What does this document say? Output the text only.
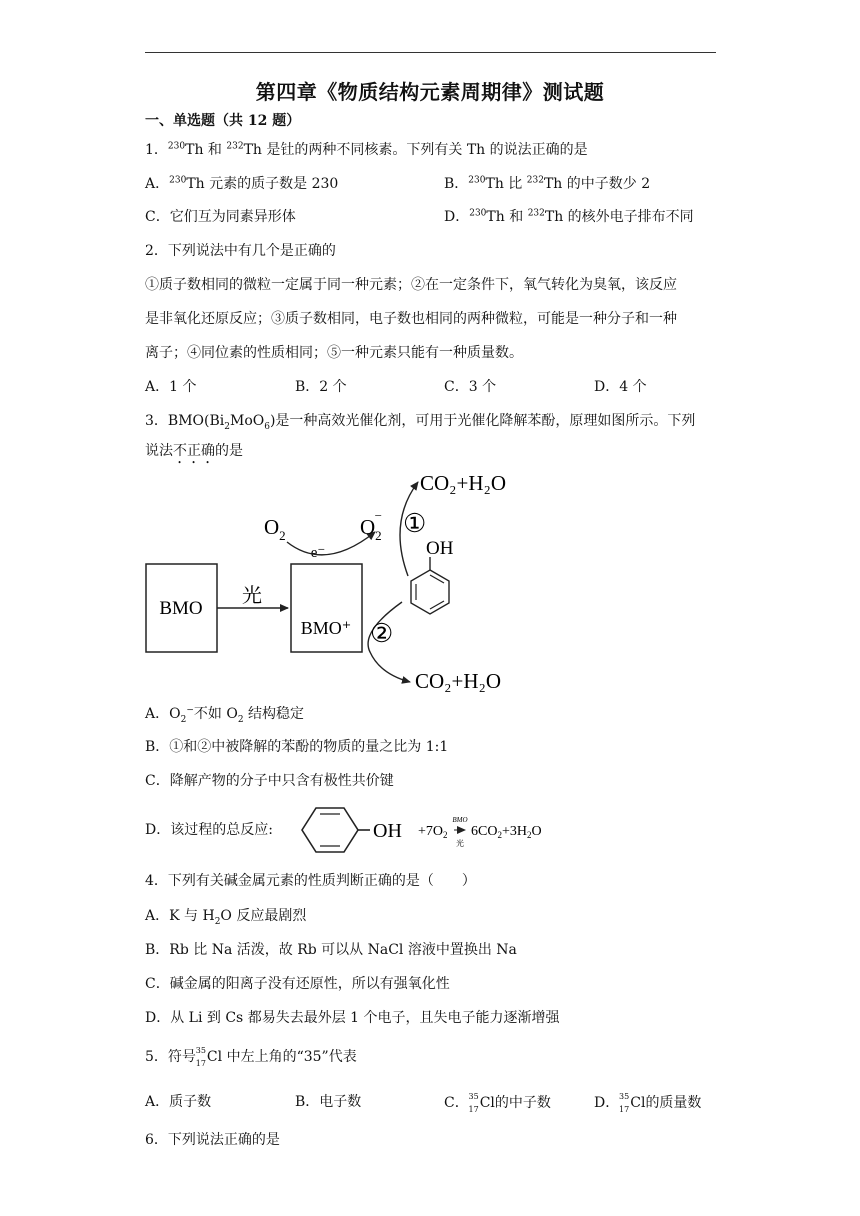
第四章《物质结构元素周期律》测试题
一、单选题（共 12 题）
1．$^{230}$Th 和 $^{232}$Th 是钍的两种不同核素。下列有关 Th 的说法正确的是
A．$^{230}$Th 元素的质子数是 230	B．$^{230}$Th 比 $^{232}$Th 的中子数少 2
C．它们互为同素异形体	D．$^{230}$Th 和 $^{232}$Th 的核外电子排布不同
2．下列说法中有几个是正确的
①质子数相同的微粒一定属于同一种元素；②在一定条件下，氧气转化为臭氧，该反应
是非氧化还原反应；③质子数相同，电子数也相同的两种微粒，可能是一种分子和一种
离子；④同位素的性质相同；⑤一种元素只能有一种质量数。
A．1 个	B．2 个	C．3 个	D．4 个
3．$BMO(Bi_2MoO_6)$是一种高效光催化剂，可用于光催化降解苯酚，原理如图所示。下列
说法不正确的是
BMO
光
e⁻
BMO⁺
$O_2$	$O_2-$ ①
CO₂+H₂O
②
CO₂+H₂O
OH
A．$O_2^-$不如 $O_2$ 结构稳定
B．①和②中被降解的苯酚的物质的量之比为 1:1
C．降解产物的分子中只含有极性共价键
D．该过程的总反应:	OH $+7O_2$
BMO
光
$6CO_2+3H_2O$
4．下列有关碱金属元素的性质判断正确的是（　　）
A．K 与 $H_2O$ 反应最剧烈
B．Rb 比 Na 活泼，故 Rb 可以从 NaCl 溶液中置换出 Na
C．碱金属的阳离子没有还原性，所以有强氧化性
D．从 Li 到 Cs 都易失去最外层 1 个电子，且失电子能力逐渐增强
5．符号 35
17 Cl 中左上角的“35”代表
A．质子数	B．电子数	C． 35
17 Cl的中子数	D． 35
17 Cl的质量数
6．下列说法正确的是
